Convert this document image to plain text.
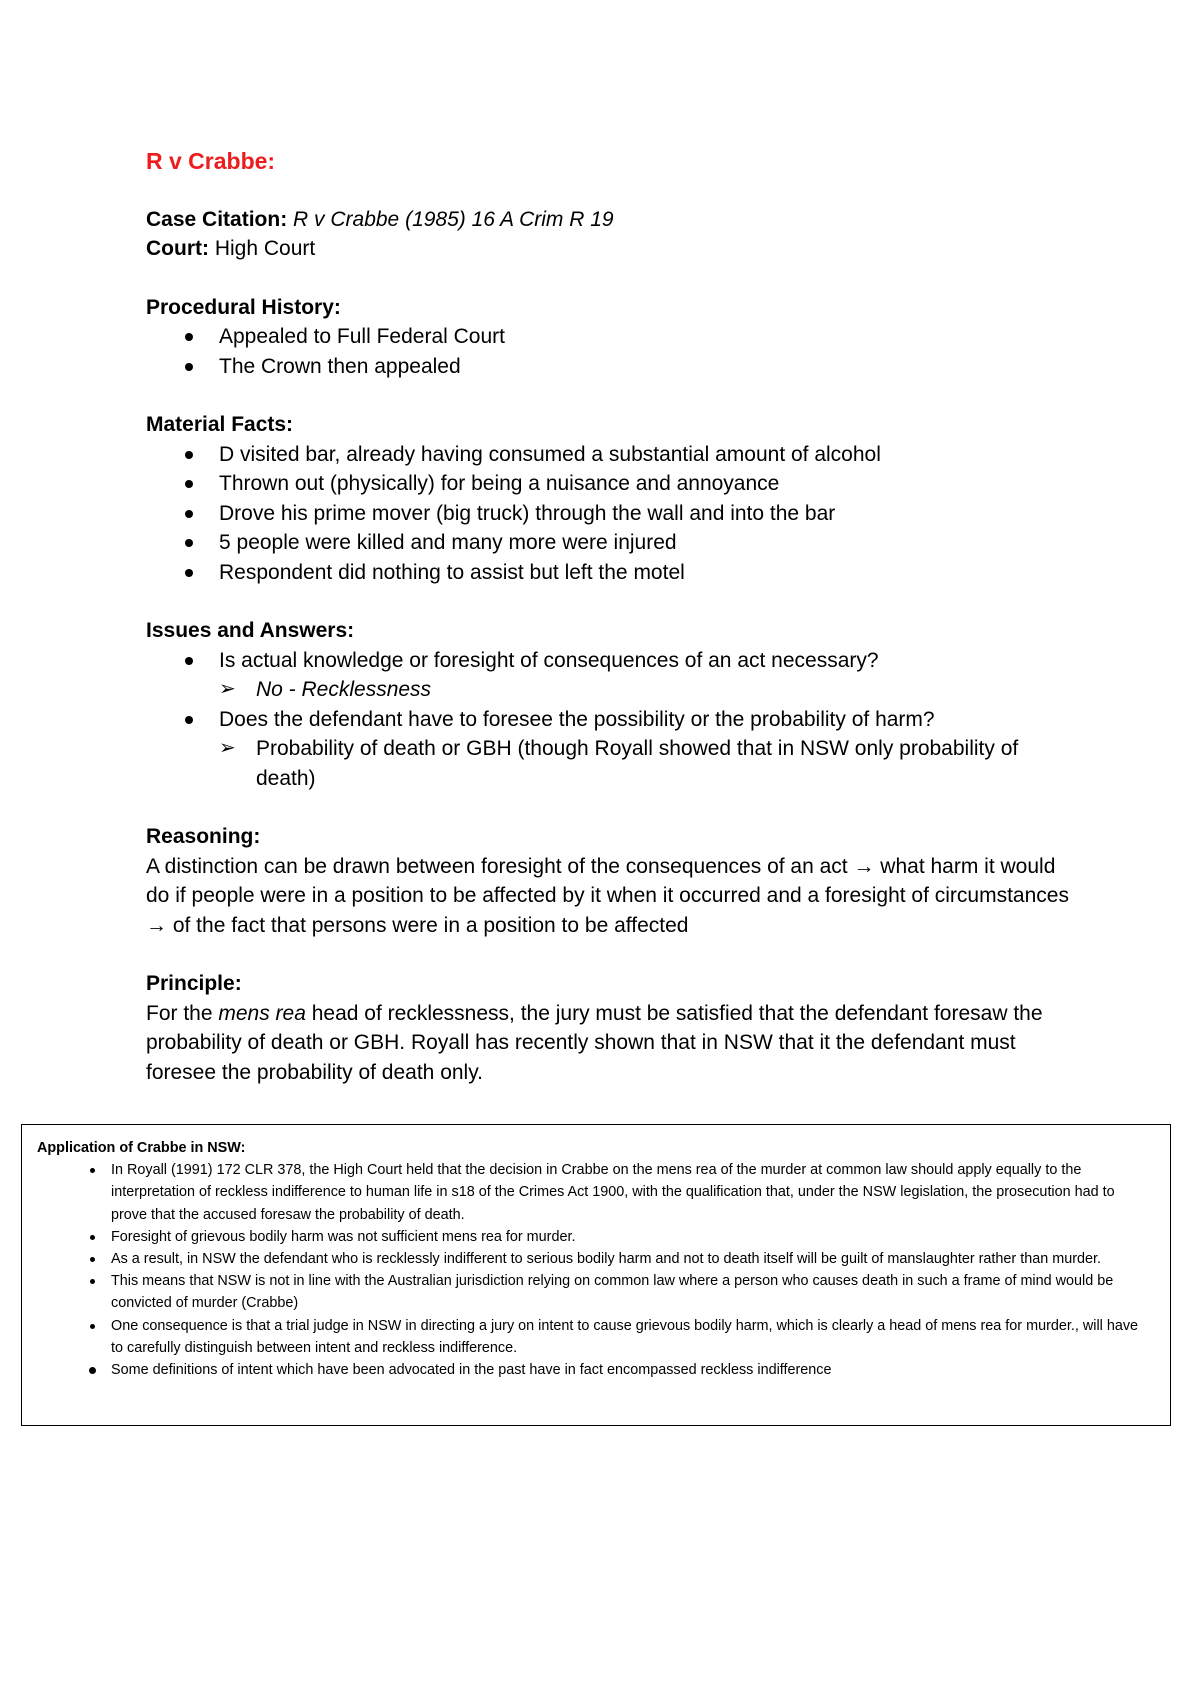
R v Crabbe:

Case Citation: R v Crabbe (1985) 16 A Crim R 19

Court: High Court

Procedural History:

Appealed to Full Federal Court
The Crown then appealed

Material Facts:

D visited bar, already having consumed a substantial amount of alcohol
Thrown out (physically) for being a nuisance and annoyance
Drove his prime mover (big truck) through the wall and into the bar
5 people were killed and many more were injured
Respondent did nothing to assist but left the motel

Issues and Answers:

Is actual knowledge or foresight of consequences of an act necessary?
➢ No - Recklessness
Does the defendant have to foresee the possibility or the probability of harm?
➢ Probability of death or GBH (though Royall showed that in NSW only probability of death)

Reasoning:

A distinction can be drawn between foresight of the consequences of an act → what harm it would do if people were in a position to be affected by it when it occurred and a foresight of circumstances → of the fact that persons were in a position to be affected

Principle:

For the mens rea head of recklessness, the jury must be satisfied that the defendant foresaw the probability of death or GBH. Royall has recently shown that in NSW that it the defendant must foresee the probability of death only.

Application of Crabbe in NSW:

In Royall (1991) 172 CLR 378, the High Court held that the decision in Crabbe on the mens rea of the murder at common law should apply equally to the interpretation of reckless indifference to human life in s18 of the Crimes Act 1900, with the qualification that, under the NSW legislation, the prosecution had to prove that the accused foresaw the probability of death.
Foresight of grievous bodily harm was not sufficient mens rea for murder.
As a result, in NSW the defendant who is recklessly indifferent to serious bodily harm and not to death itself will be guilt of manslaughter rather than murder.
This means that NSW is not in line with the Australian jurisdiction relying on common law where a person who causes death in such a frame of mind would be convicted of murder (Crabbe)
One consequence is that a trial judge in NSW in directing a jury on intent to cause grievous bodily harm, which is clearly a head of mens rea for murder., will have to carefully distinguish between intent and reckless indifference.
Some definitions of intent which have been advocated in the past have in fact encompassed reckless indifference
